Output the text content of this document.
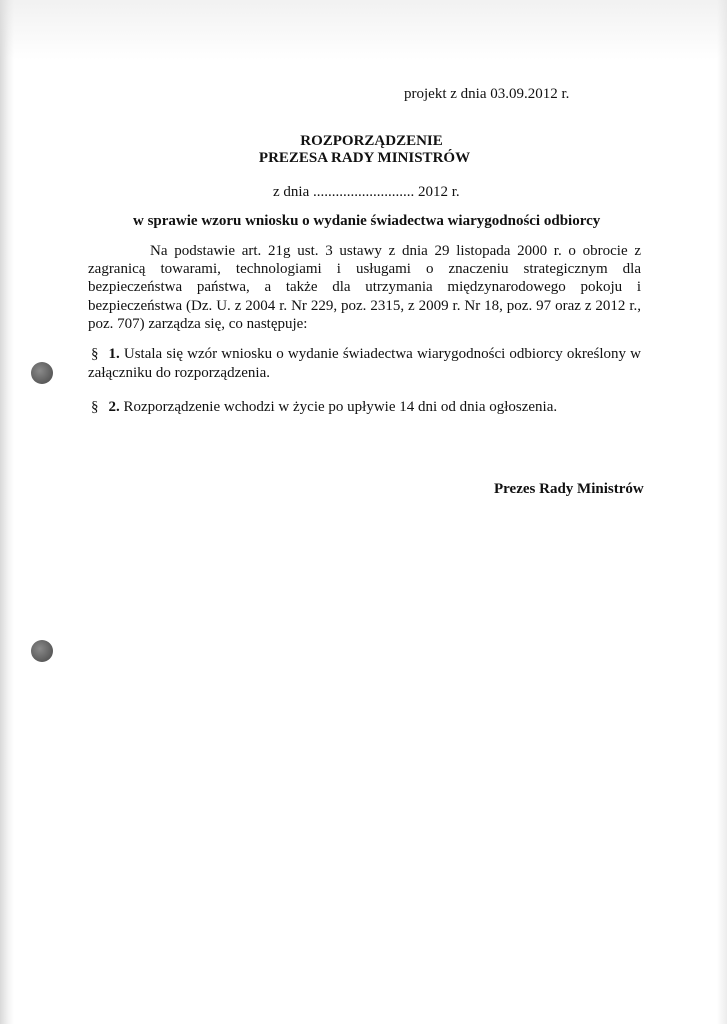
projekt z dnia 03.09.2012 r.
ROZPORZĄDZENIE
PREZESA RADY MINISTRÓW
z dnia ........................... 2012 r.
w sprawie wzoru wniosku o wydanie świadectwa wiarygodności odbiorcy

Na podstawie art. 21g ust. 3 ustawy z dnia 29 listopada 2000 r. o obrocie z zagranicą towarami, technologiami i usługami o znaczeniu strategicznym dla bezpieczeństwa państwa, a także dla utrzymania międzynarodowego pokoju i bezpieczeństwa (Dz. U. z 2004 r. Nr 229, poz. 2315, z 2009 r. Nr 18, poz. 97 oraz z 2012 r., poz. 707) zarządza się, co następuje:

§ 1. Ustala się wzór wniosku o wydanie świadectwa wiarygodności odbiorcy określony w załączniku do rozporządzenia.

§ 2. Rozporządzenie wchodzi w życie po upływie 14 dni od dnia ogłoszenia.

Prezes Rady Ministrów
